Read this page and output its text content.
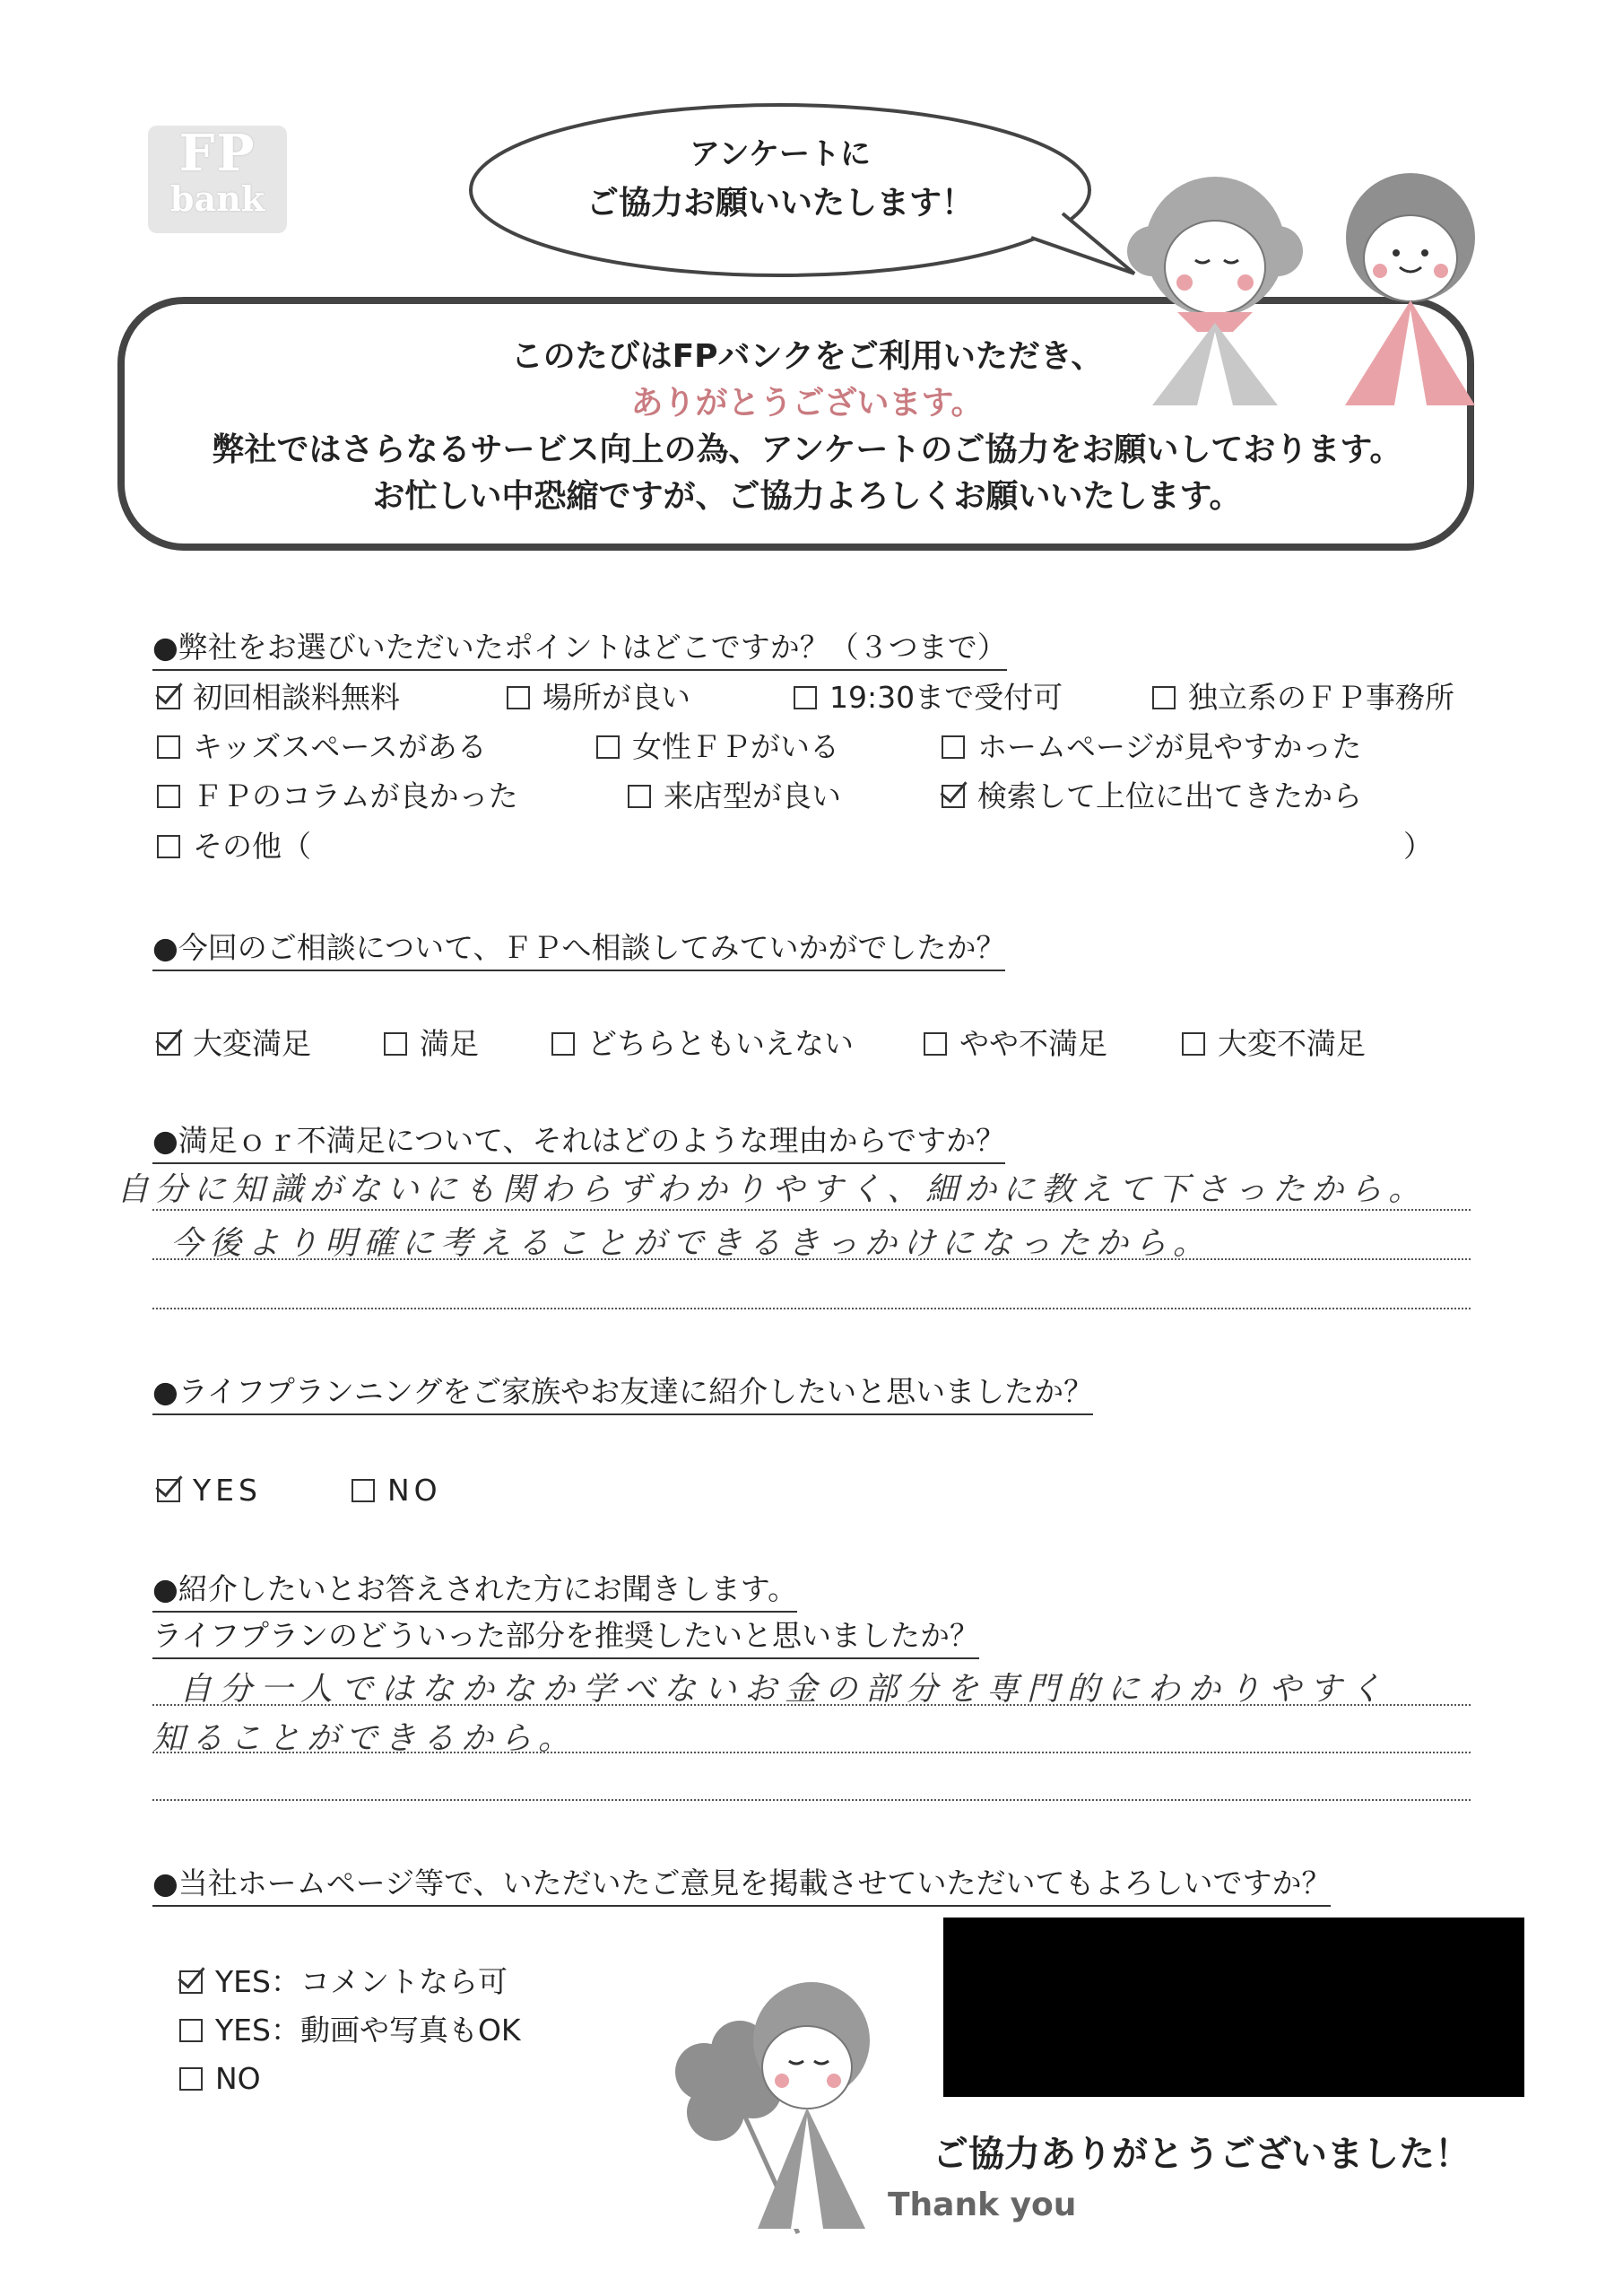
FP
bank
アンケートに
ご協力お願いいたします！
このたびはFPバンクをご利用いただき、
ありがとうございます。
弊社ではさらなるサービス向上の為、アンケートのご協力をお願いしております。
お忙しい中恐縮ですが、ご協力よろしくお願いいたします。
●弊社をお選びいただいたポイントはどこですか？（３つまで）
初回相談料無料	場所が良い	19:30まで受付可	独立系のＦＰ事務所
キッズスペースがある	女性ＦＰがいる	ホームページが見やすかった
ＦＰのコラムが良かった	来店型が良い	検索して上位に出てきたから
その他（	）
●今回のご相談について、ＦＰへ相談してみていかがでしたか？
大変満足	満足	どちらともいえない	やや不満足	大変不満足
●満足ｏｒ不満足について、それはどのような理由からですか？
自分に知識がないにも関わらずわかりやすく、細かに教えて下さったから。
今後より明確に考えることができるきっかけになったから。
●ライフプランニングをご家族やお友達に紹介したいと思いましたか？
YES	NO
●紹介したいとお答えされた方にお聞きします。
ライフプランのどういった部分を推奨したいと思いましたか？
自分一人ではなかなか学べないお金の部分を専門的にわかりやすく
知ることができるから。
●当社ホームページ等で、いただいたご意見を掲載させていただいてもよろしいですか？
YES：コメントなら可
YES：動画や写真もOK
NO
ご協力ありがとうございました！
Thank you
